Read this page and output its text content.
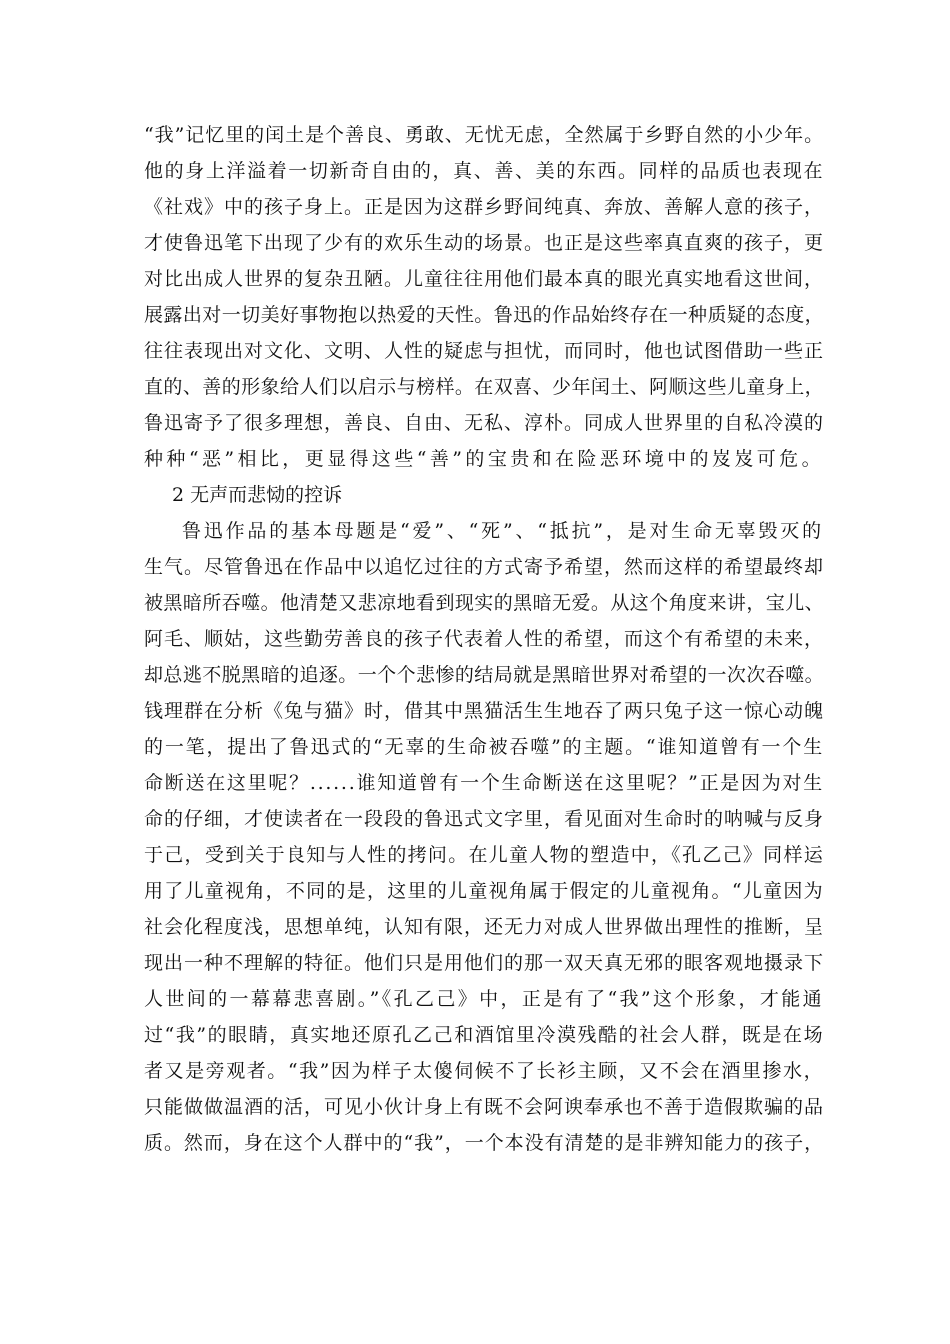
“我”记忆里的闰土是个善良、勇敢、无忧无虑，全然属于乡野自然的小少年。
他的身上洋溢着一切新奇自由的，真、善、美的东西。同样的品质也表现在
《社戏》中的孩子身上。正是因为这群乡野间纯真、奔放、善解人意的孩子，
才使鲁迅笔下出现了少有的欢乐生动的场景。也正是这些率真直爽的孩子，更
对比出成人世界的复杂丑陋。儿童往往用他们最本真的眼光真实地看这世间，
展露出对一切美好事物抱以热爱的天性。鲁迅的作品始终存在一种质疑的态度，
往往表现出对文化、文明、人性的疑虑与担忧，而同时，他也试图借助一些正
直的、善的形象给人们以启示与榜样。在双喜、少年闰土、阿顺这些儿童身上，
鲁迅寄予了很多理想，善良、自由、无私、淳朴。同成人世界里的自私冷漠的
种种“恶”相比，更显得这些“善”的宝贵和在险恶环境中的岌岌可危。
2 无声而悲恸的控诉
鲁迅作品的基本母题是“爱”、“死”、“抵抗”，是对生命无辜毁灭的
生气。尽管鲁迅在作品中以追忆过往的方式寄予希望，然而这样的希望最终却
被黑暗所吞噬。他清楚又悲凉地看到现实的黑暗无爱。从这个角度来讲，宝儿、
阿毛、顺姑，这些勤劳善良的孩子代表着人性的希望，而这个有希望的未来，
却总逃不脱黑暗的追逐。一个个悲惨的结局就是黑暗世界对希望的一次次吞噬。
钱理群在分析《兔与猫》时，借其中黑猫活生生地吞了两只兔子这一惊心动魄
的一笔，提出了鲁迅式的“无辜的生命被吞噬”的主题。“谁知道曾有一个生
命断送在这里呢？......谁知道曾有一个生命断送在这里呢？”正是因为对生
命的仔细，才使读者在一段段的鲁迅式文字里，看见面对生命时的呐喊与反身
于己，受到关于良知与人性的拷问。在儿童人物的塑造中，《孔乙己》同样运
用了儿童视角，不同的是，这里的儿童视角属于假定的儿童视角。“儿童因为
社会化程度浅，思想单纯，认知有限，还无力对成人世界做出理性的推断，呈
现出一种不理解的特征。他们只是用他们的那一双天真无邪的眼客观地摄录下
人世间的一幕幕悲喜剧。”《孔乙己》中，正是有了“我”这个形象，才能通
过“我”的眼睛，真实地还原孔乙己和酒馆里冷漠残酷的社会人群，既是在场
者又是旁观者。“我”因为样子太傻伺候不了长衫主顾，又不会在酒里掺水，
只能做做温酒的活，可见小伙计身上有既不会阿谀奉承也不善于造假欺骗的品
质。然而，身在这个人群中的“我”，一个本没有清楚的是非辨知能力的孩子，
